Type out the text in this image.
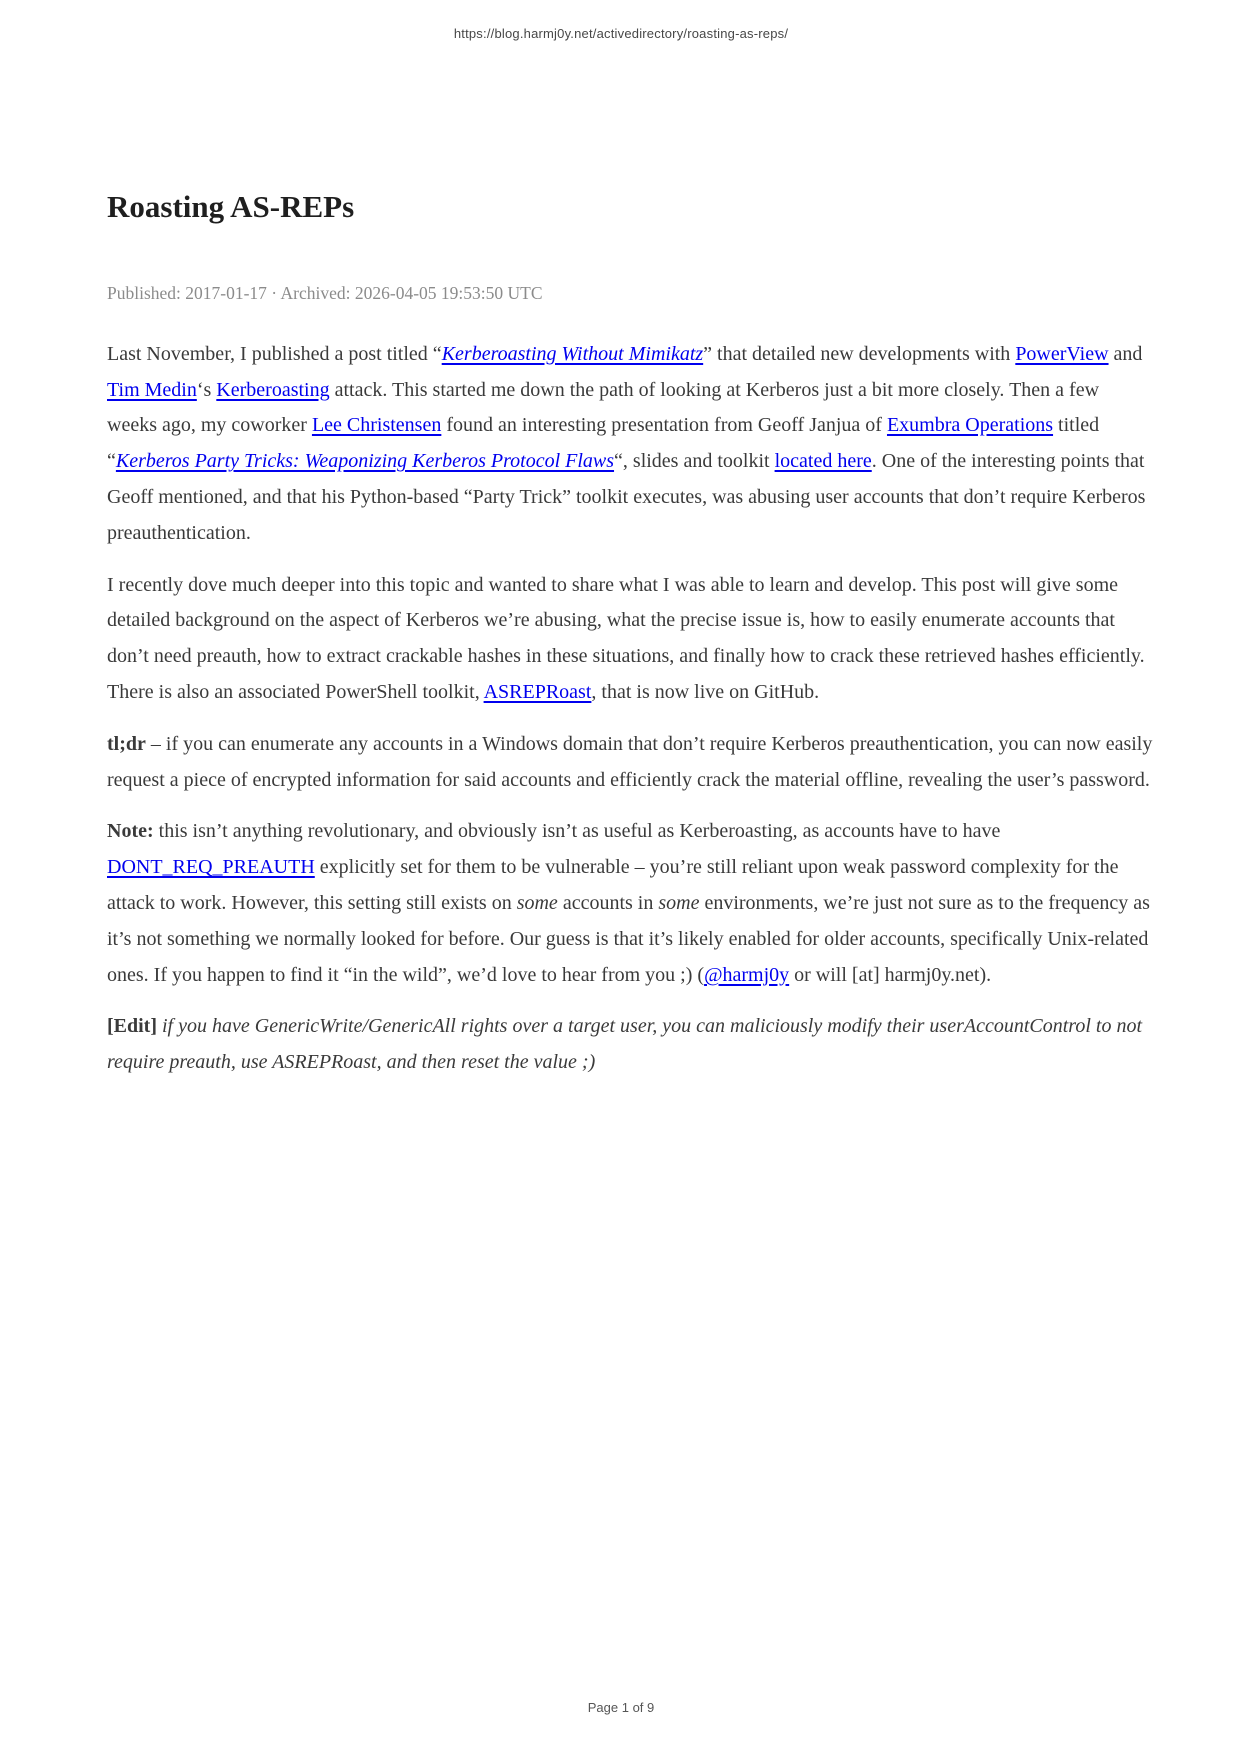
https://blog.harmj0y.net/activedirectory/roasting-as-reps/
Roasting AS-REPs

Published: 2017-01-17 · Archived: 2026-04-05 19:53:50 UTC

Last November, I published a post titled “Kerberoasting Without Mimikatz” that detailed new developments with PowerView and Tim Medin‘s Kerberoasting attack. This started me down the path of looking at Kerberos just a bit more closely. Then a few weeks ago, my coworker Lee Christensen found an interesting presentation from Geoff Janjua of Exumbra Operations titled “Kerberos Party Tricks: Weaponizing Kerberos Protocol Flaws“, slides and toolkit located here. One of the interesting points that Geoff mentioned, and that his Python-based “Party Trick” toolkit executes, was abusing user accounts that don’t require Kerberos preauthentication.

I recently dove much deeper into this topic and wanted to share what I was able to learn and develop. This post will give some detailed background on the aspect of Kerberos we’re abusing, what the precise issue is, how to easily enumerate accounts that don’t need preauth, how to extract crackable hashes in these situations, and finally how to crack these retrieved hashes efficiently. There is also an associated PowerShell toolkit, ASREPRoast, that is now live on GitHub.

tl;dr – if you can enumerate any accounts in a Windows domain that don’t require Kerberos preauthentication, you can now easily request a piece of encrypted information for said accounts and efficiently crack the material offline, revealing the user’s password.

Note: this isn’t anything revolutionary, and obviously isn’t as useful as Kerberoasting, as accounts have to have DONT_REQ_PREAUTH explicitly set for them to be vulnerable – you’re still reliant upon weak password complexity for the attack to work. However, this setting still exists on some accounts in some environments, we’re just not sure as to the frequency as it’s not something we normally looked for before. Our guess is that it’s likely enabled for older accounts, specifically Unix-related ones. If you happen to find it “in the wild”, we’d love to hear from you ;) (@harmj0y or will [at] harmj0y.net).

[Edit] if you have GenericWrite/GenericAll rights over a target user, you can maliciously modify their userAccountControl to not require preauth, use ASREPRoast, and then reset the value ;)

Page 1 of 9
